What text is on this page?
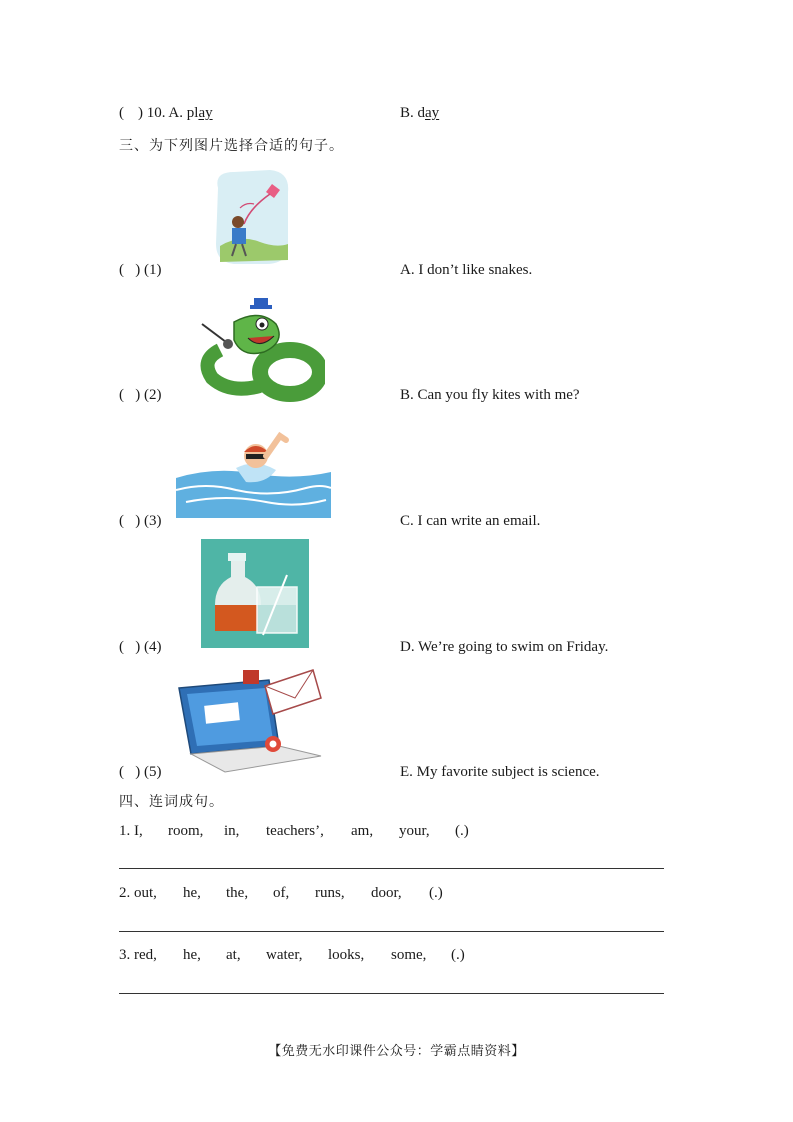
( ) 10. A. play	B. day
三、为下列图片选择合适的句子。
(   ) (1)	A. I don’t like snakes.
(   ) (2)	B. Can you fly kites with me?
(   ) (3)	C. I can write an email.
(   ) (4)	D. We’re going to swim on Friday.
(   ) (5)	E. My favorite subject is science.
四、连词成句。
1. I, room, in, teachers’, am, your, (.)
2. out, he, the, of, runs, door, (.)
3. red, he, at, water, looks, some, (.)
【免费无水印课件公众号：学霸点睛资料】
